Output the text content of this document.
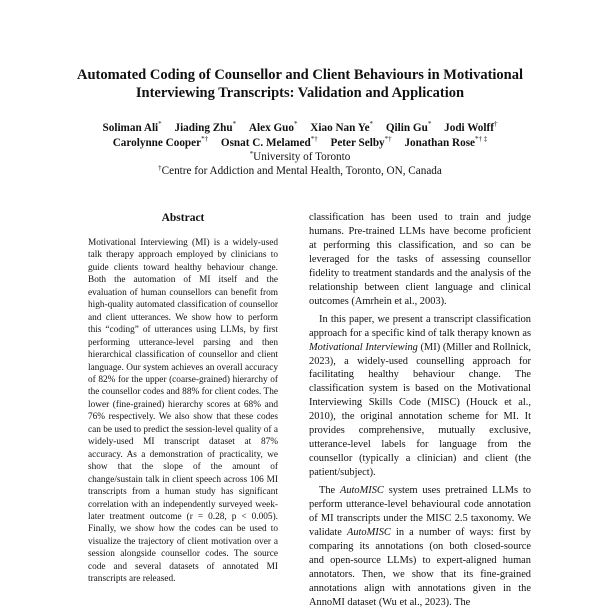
Automated Coding of Counsellor and Client Behaviours in Motivational
Interviewing Transcripts: Validation and Application
Soliman Ali* Jiading Zhu* Alex Guo* Xiao Nan Ye* Qilin Gu* Jodi Wolff†
Carolynne Cooper*† Osnat C. Melamed*† Peter Selby*† Jonathan Rose*† ‡
*University of Toronto
†Centre for Addiction and Mental Health, Toronto, ON, Canada
Abstract

Motivational Interviewing (MI) is a widely-used talk therapy approach employed by clinicians to guide clients toward healthy behaviour change. Both the automation of MI itself and the evaluation of human counsellors can benefit from high-quality automated classification of counsellor and client utterances. We show how to perform this “coding” of utterances using LLMs, by first performing utterance-level parsing and then hierarchical classification of counsellor and client language. Our system achieves an overall accuracy of 82% for the upper (coarse-grained) hierarchy of the counsellor codes and 88% for client codes. The lower (fine-grained) hierarchy scores at 68% and 76% respectively. We also show that these codes can be used to predict the session-level quality of a widely-used MI transcript dataset at 87% accuracy. As a demonstration of practicality, we show that the slope of the amount of change/sustain talk in client speech across 106 MI transcripts from a human study has significant correlation with an independently surveyed week-later treatment outcome (r = 0.28, p < 0.005). Finally, we show how the codes can be used to visualize the trajectory of client motivation over a session alongside counsellor codes. The source code and several datasets of annotated MI transcripts are released.

classification has been used to train and judge humans. Pre-trained LLMs have become proficient at performing this classification, and so can be leveraged for the tasks of assessing counsellor fidelity to treatment standards and the analysis of the relationship between client language and clinical outcomes (Amrhein et al., 2003).

In this paper, we present a transcript classification approach for a specific kind of talk therapy known as Motivational Interviewing (MI) (Miller and Rollnick, 2023), a widely-used counselling approach for facilitating healthy behaviour change. The classification system is based on the Motivational Interviewing Skills Code (MISC) (Houck et al., 2010), the original annotation scheme for MI. It provides comprehensive, mutually exclusive, utterance-level labels for language from the counsellor (typically a clinician) and client (the patient/subject).

The AutoMISC system uses pretrained LLMs to perform utterance-level behavioural code annotation of MI transcripts under the MISC 2.5 taxonomy. We validate AutoMISC in a number of ways: first by comparing its annotations (on both closed-source and open-source LLMs) to expert-aligned human annotators. Then, we show that its fine-grained annotations align with annotations given in the AnnoMI dataset (Wu et al., 2023). The
